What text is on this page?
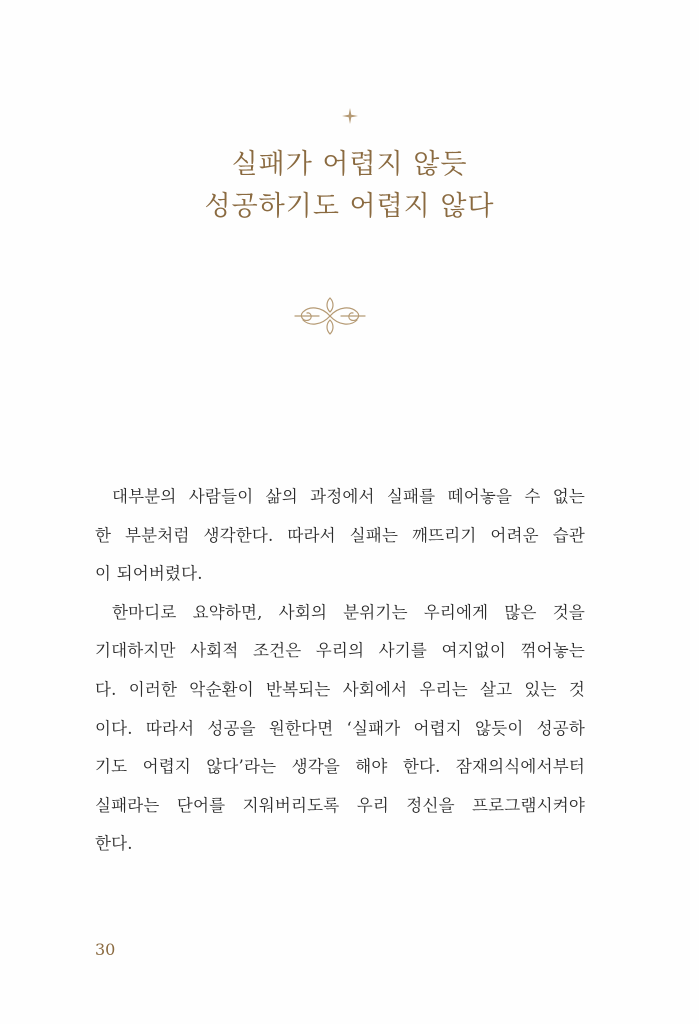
실패가 어렵지 않듯
성공하기도 어렵지 않다
대부분의 사람들이 삶의 과정에서 실패를 떼어놓을 수 없는
한 부분처럼 생각한다. 따라서 실패는 깨뜨리기 어려운 습관
이 되어버렸다.
한마디로 요약하면, 사회의 분위기는 우리에게 많은 것을
기대하지만 사회적 조건은 우리의 사기를 여지없이 꺾어놓는
다. 이러한 악순환이 반복되는 사회에서 우리는 살고 있는 것
이다. 따라서 성공을 원한다면 ‘실패가 어렵지 않듯이 성공하
기도 어렵지 않다’라는 생각을 해야 한다. 잠재의식에서부터
실패라는 단어를 지워버리도록 우리 정신을 프로그램시켜야
한다.
30
